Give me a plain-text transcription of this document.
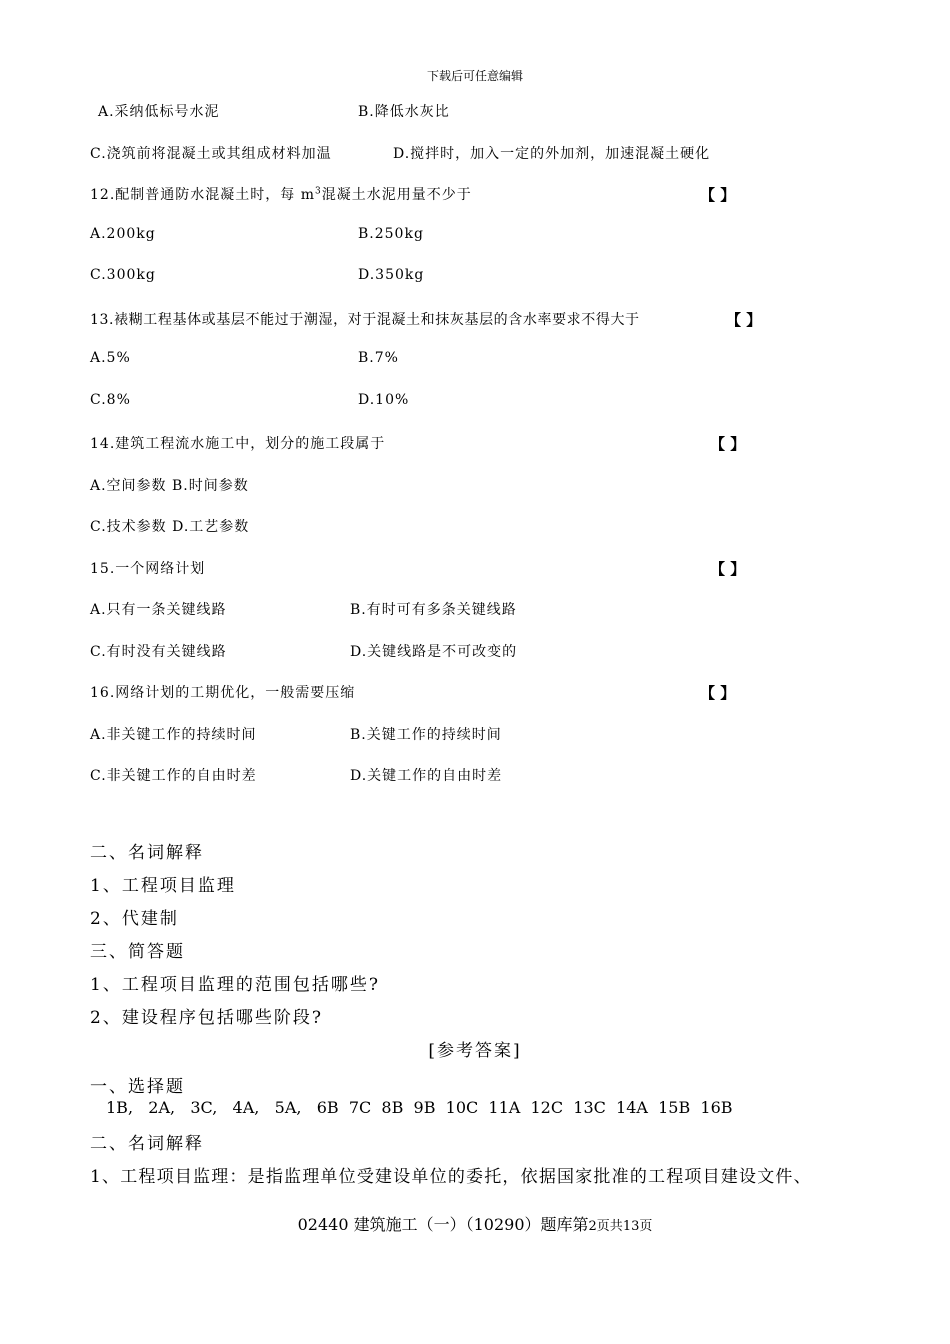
下载后可任意编辑
A.采纳低标号水泥	B.降低水灰比
C.浇筑前将混凝土或其组成材料加温	D.搅拌时，加入一定的外加剂，加速混凝土硬化
12.配制普通防水混凝土时，每 $m^3$混凝土水泥用量不少于	【 】
A.200kg	B.250kg
C.300kg	D.350kg
13.裱糊工程基体或基层不能过于潮湿，对于混凝土和抹灰基层的含水率要求不得大于	【 】
A.5%	B.7%
C.8%	D.10%
14.建筑工程流水施工中，划分的施工段属于	【 】
A.空间参数 B.时间参数
C.技术参数 D.工艺参数
15.一个网络计划	【 】
A.只有一条关键线路	B.有时可有多条关键线路
C.有时没有关键线路	D.关键线路是不可改变的
16.网络计划的工期优化，一般需要压缩	【 】
A.非关键工作的持续时间	B.关键工作的持续时间
C.非关键工作的自由时差	D.关键工作的自由时差
二、名词解释
1、工程项目监理
2、代建制
三、简答题
1、工程项目监理的范围包括哪些?
2、建设程序包括哪些阶段?
[参考答案]
一、选择题
1B,   2A,   3C,   4A,   5A,   6B  7C  8B  9B  10C  11A  12C  13C  14A  15B  16B
二、名词解释
1、工程项目监理：是指监理单位受建设单位的委托，依据国家批准的工程项目建设文件、
02440 建筑施工（一）（10290）题库第2页共13页
